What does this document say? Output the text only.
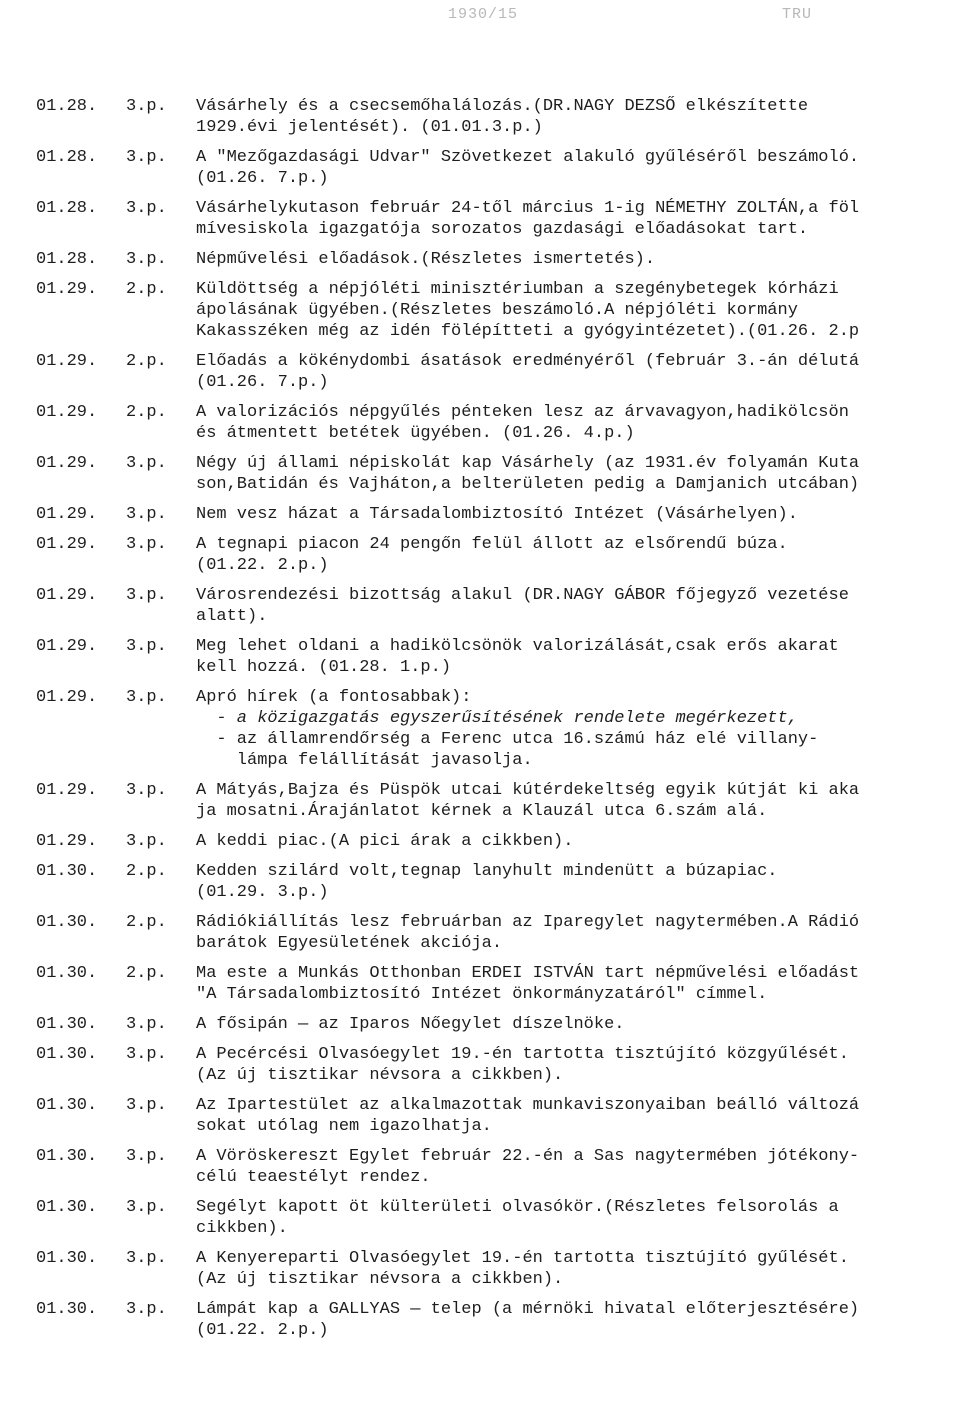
1930/15	TRU
01.28. 3.p. Vásárhely és a csecsemőhalálozás.(DR.NAGY DEZSŐ elkészítette
1929.évi jelentését). (01.01.3.p.)
01.28. 3.p. A "Mezőgazdasági Udvar" Szövetkezet alakuló gyűléséről beszámoló.
(01.26. 7.p.)
01.28. 3.p. Vásárhelykutason február 24-től március 1-ig NÉMETHY ZOLTÁN,a föl
mívesiskola igazgatója sorozatos gazdasági előadásokat tart.
01.28. 3.p. Népművelési előadások.(Részletes ismertetés).
01.29. 2.p. Küldöttség a népjóléti minisztériumban a szegénybetegek kórházi
ápolásának ügyében.(Részletes beszámoló.A népjóléti kormány
Kakasszéken még az idén fölépítteti a gyógyintézetet).(01.26. 2.p
01.29. 2.p. Előadás a kökénydombi ásatások eredményéről (február 3.-án délutá
(01.26. 7.p.)
01.29. 2.p. A valorizációs népgyűlés pénteken lesz az árvavagyon,hadikölcsön
és átmentett betétek ügyében. (01.26. 4.p.)
01.29. 3.p. Négy új állami népiskolát kap Vásárhely (az 1931.év folyamán Kuta
son,Batidán és Vajháton,a belterületen pedig a Damjanich utcában)
01.29. 3.p. Nem vesz házat a Társadalombiztosító Intézet (Vásárhelyen).
01.29. 3.p. A tegnapi piacon 24 pengőn felül állott az elsőrendű búza.
(01.22. 2.p.)
01.29. 3.p. Városrendezési bizottság alakul (DR.NAGY GÁBOR főjegyző vezetése
alatt).
01.29. 3.p. Meg lehet oldani a hadikölcsönök valorizálását,csak erős akarat
kell hozzá. (01.28. 1.p.)
01.29. 3.p. Apró hírek (a fontosabbak):
- a közigazgatás egyszerűsítésének rendelete megérkezett,
- az államrendőrség a Ferenc utca 16.számú ház elé villany-
lámpa felállítását javasolja.
01.29. 3.p. A Mátyás,Bajza és Püspök utcai kútérdekeltség egyik kútját ki aka
ja mosatni.Árajánlatot kérnek a Klauzál utca 6.szám alá.
01.29. 3.p. A keddi piac.(A pici árak a cikkben).
01.30. 2.p. Kedden szilárd volt,tegnap lanyhult mindenütt a búzapiac.
(01.29. 3.p.)
01.30. 2.p. Rádiókiállítás lesz februárban az Iparegylet nagytermében.A Rádió
barátok Egyesületének akciója.
01.30. 2.p. Ma este a Munkás Otthonban ERDEI ISTVÁN tart népművelési előadást
"A Társadalombiztosító Intézet önkormányzatáról" címmel.
01.30. 3.p. A fősipán — az Iparos Nőegylet díszelnöke.
01.30. 3.p. A Pecércési Olvasóegylet 19.-én tartotta tisztújító közgyűlését.
(Az új tisztikar névsora a cikkben).
01.30. 3.p. Az Ipartestület az alkalmazottak munkaviszonyaiban beálló változá
sokat utólag nem igazolhatja.
01.30. 3.p. A Vöröskereszt Egylet február 22.-én a Sas nagytermében jótékony-
célú teaestélyt rendez.
01.30. 3.p. Segélyt kapott öt külterületi olvasókör.(Részletes felsorolás a
cikkben).
01.30. 3.p. A Kenyereparti Olvasóegylet 19.-én tartotta tisztújító gyűlését.
(Az új tisztikar névsora a cikkben).
01.30. 3.p. Lámpát kap a GALLYAS — telep (a mérnöki hivatal előterjesztésére)
(01.22. 2.p.)
